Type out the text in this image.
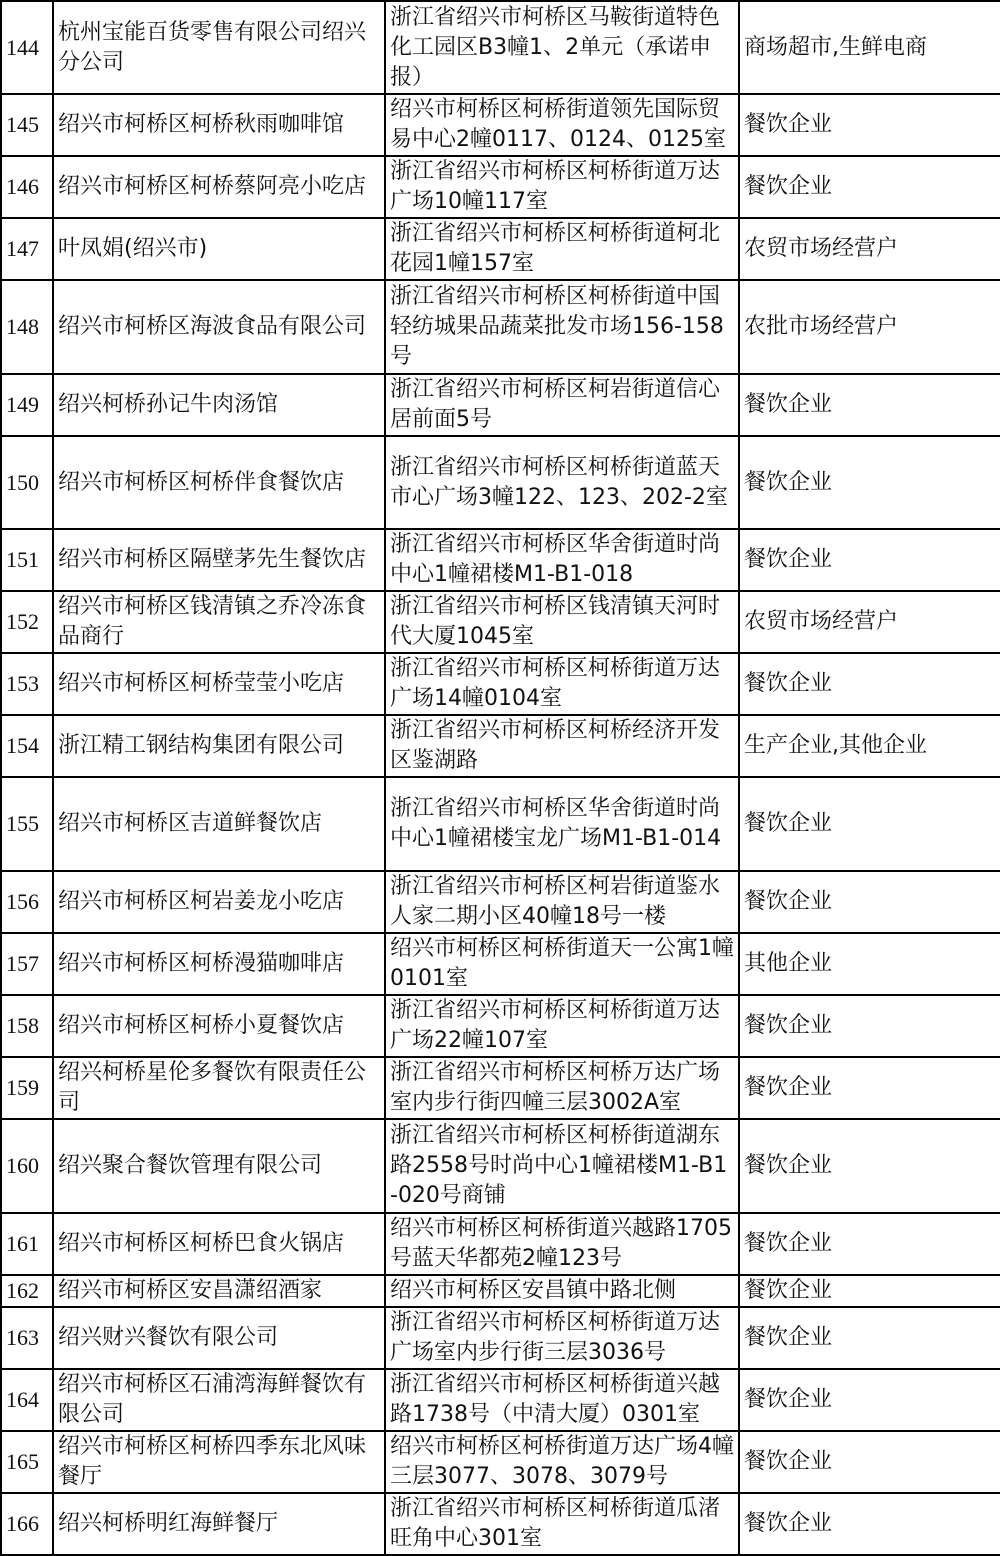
144	杭州宝能百货零售有限公司绍兴分公司	浙江省绍兴市柯桥区马鞍街道特色化工园区B3幢1、2单元（承诺申报）	商场超市,生鲜电商
145	绍兴市柯桥区柯桥秋雨咖啡馆	绍兴市柯桥区柯桥街道领先国际贸易中心2幢0117、0124、0125室	餐饮企业
146	绍兴市柯桥区柯桥蔡阿亮小吃店	浙江省绍兴市柯桥区柯桥街道万达广场10幢117室	餐饮企业
147	叶凤娟(绍兴市)	浙江省绍兴市柯桥区柯桥街道柯北花园1幢157室	农贸市场经营户
148	绍兴市柯桥区海波食品有限公司	浙江省绍兴市柯桥区柯桥街道中国轻纺城果品蔬菜批发市场156-158号	农批市场经营户
149	绍兴柯桥孙记牛肉汤馆	浙江省绍兴市柯桥区柯岩街道信心居前面5号	餐饮企业
150	绍兴市柯桥区柯桥伴食餐饮店	浙江省绍兴市柯桥区柯桥街道蓝天市心广场3幢122、123、202-2室	餐饮企业
151	绍兴市柯桥区隔壁茅先生餐饮店	浙江省绍兴市柯桥区华舍街道时尚中心1幢裙楼M1-B1-018	餐饮企业
152	绍兴市柯桥区钱清镇之乔冷冻食品商行	浙江省绍兴市柯桥区钱清镇天河时代大厦1045室	农贸市场经营户
153	绍兴市柯桥区柯桥莹莹小吃店	浙江省绍兴市柯桥区柯桥街道万达广场14幢0104室	餐饮企业
154	浙江精工钢结构集团有限公司	浙江省绍兴市柯桥区柯桥经济开发区鉴湖路	生产企业,其他企业
155	绍兴市柯桥区吉道鲜餐饮店	浙江省绍兴市柯桥区华舍街道时尚中心1幢裙楼宝龙广场M1-B1-014	餐饮企业
156	绍兴市柯桥区柯岩姜龙小吃店	浙江省绍兴市柯桥区柯岩街道鉴水人家二期小区40幢18号一楼	餐饮企业
157	绍兴市柯桥区柯桥漫猫咖啡店	绍兴市柯桥区柯桥街道天一公寓1幢0101室	其他企业
158	绍兴市柯桥区柯桥小夏餐饮店	浙江省绍兴市柯桥区柯桥街道万达广场22幢107室	餐饮企业
159	绍兴柯桥星伦多餐饮有限责任公司	浙江省绍兴市柯桥区柯桥万达广场室内步行街四幢三层3002A室	餐饮企业
160	绍兴聚合餐饮管理有限公司	浙江省绍兴市柯桥区柯桥街道湖东路2558号时尚中心1幢裙楼M1-B1-020号商铺	餐饮企业
161	绍兴市柯桥区柯桥巴食火锅店	绍兴市柯桥区柯桥街道兴越路1705号蓝天华都苑2幢123号	餐饮企业
162	绍兴市柯桥区安昌潇绍酒家	绍兴市柯桥区安昌镇中路北侧	餐饮企业
163	绍兴财兴餐饮有限公司	浙江省绍兴市柯桥区柯桥街道万达广场室内步行街三层3036号	餐饮企业
164	绍兴市柯桥区石浦湾海鲜餐饮有限公司	浙江省绍兴市柯桥区柯桥街道兴越路1738号（中清大厦）0301室	餐饮企业
165	绍兴市柯桥区柯桥四季东北风味餐厅	绍兴市柯桥区柯桥街道万达广场4幢三层3077、3078、3079号	餐饮企业
166	绍兴柯桥明红海鲜餐厅	浙江省绍兴市柯桥区柯桥街道瓜渚旺角中心301室	餐饮企业
